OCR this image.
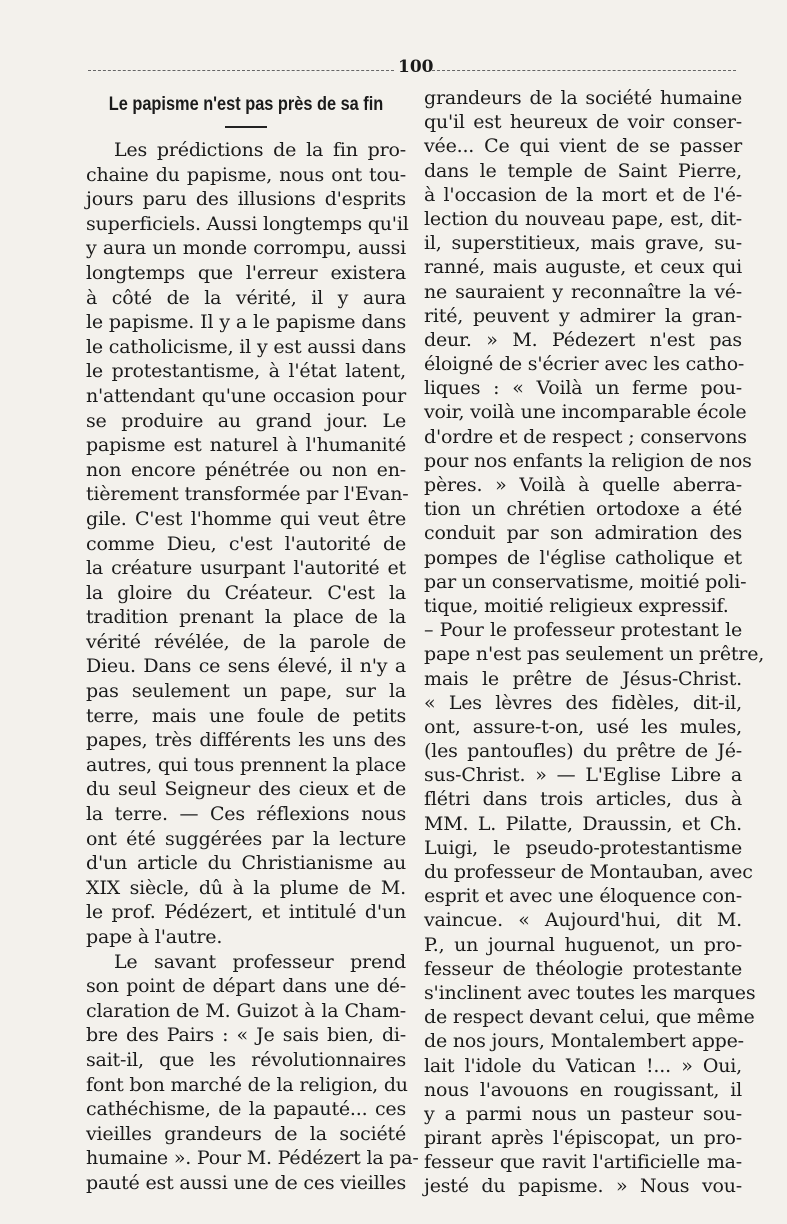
100
Le papisme n'est pas près de sa fin
Les prédictions de la fin pro-
chaine du papisme, nous ont tou-
jours paru des illusions d'esprits
superficiels. Aussi longtemps qu'il
y aura un monde corrompu, aussi
longtemps que l'erreur existera
à côté de la vérité, il y aura
le papisme. Il y a le papisme dans
le catholicisme, il y est aussi dans
le protestantisme, à l'état latent,
n'attendant qu'une occasion pour
se produire au grand jour. Le
papisme est naturel à l'humanité
non encore pénétrée ou non en-
tièrement transformée par l'Evan-
gile. C'est l'homme qui veut être
comme Dieu, c'est l'autorité de
la créature usurpant l'autorité et
la gloire du Créateur. C'est la
tradition prenant la place de la
vérité révélée, de la parole de
Dieu. Dans ce sens élevé, il n'y a
pas seulement un pape, sur la
terre, mais une foule de petits
papes, très différents les uns des
autres, qui tous prennent la place
du seul Seigneur des cieux et de
la terre. — Ces réflexions nous
ont été suggérées par la lecture
d'un article du Christianisme au
XIX siècle, dû à la plume de M.
le prof. Pédézert, et intitulé d'un
pape à l'autre.
Le savant professeur prend
son point de départ dans une dé-
claration de M. Guizot à la Cham-
bre des Pairs : « Je sais bien, di-
sait-il, que les révolutionnaires
font bon marché de la religion, du
cathéchisme, de la papauté... ces
vieilles grandeurs de la société
humaine ». Pour M. Pédézert la pa-
pauté est aussi une de ces vieilles
grandeurs de la société humaine
qu'il est heureux de voir conser-
vée... Ce qui vient de se passer
dans le temple de Saint Pierre,
à l'occasion de la mort et de l'é-
lection du nouveau pape, est, dit-
il, superstitieux, mais grave, su-
ranné, mais auguste, et ceux qui
ne sauraient y reconnaître la vé-
rité, peuvent y admirer la gran-
deur. » M. Pédezert n'est pas
éloigné de s'écrier avec les catho-
liques : « Voilà un ferme pou-
voir, voilà une incomparable école
d'ordre et de respect ; conservons
pour nos enfants la religion de nos
pères. » Voilà à quelle aberra-
tion un chrétien ortodoxe a été
conduit par son admiration des
pompes de l'église catholique et
par un conservatisme, moitié poli-
tique, moitié religieux expressif.
– Pour le professeur protestant le
pape n'est pas seulement un prêtre,
mais le prêtre de Jésus-Christ.
« Les lèvres des fidèles, dit-il,
ont, assure-t-on, usé les mules,
(les pantoufles) du prêtre de Jé-
sus-Christ. » — L'Eglise Libre a
flétri dans trois articles, dus à
MM. L. Pilatte, Draussin, et Ch.
Luigi, le pseudo-protestantisme
du professeur de Montauban, avec
esprit et avec une éloquence con-
vaincue. « Aujourd'hui, dit M.
P., un journal huguenot, un pro-
fesseur de théologie protestante
s'inclinent avec toutes les marques
de respect devant celui, que même
de nos jours, Montalembert appe-
lait l'idole du Vatican !... » Oui,
nous l'avouons en rougissant, il
y a parmi nous un pasteur sou-
pirant après l'épiscopat, un pro-
fesseur que ravit l'artificielle ma-
jesté du papisme. » Nous vou-
